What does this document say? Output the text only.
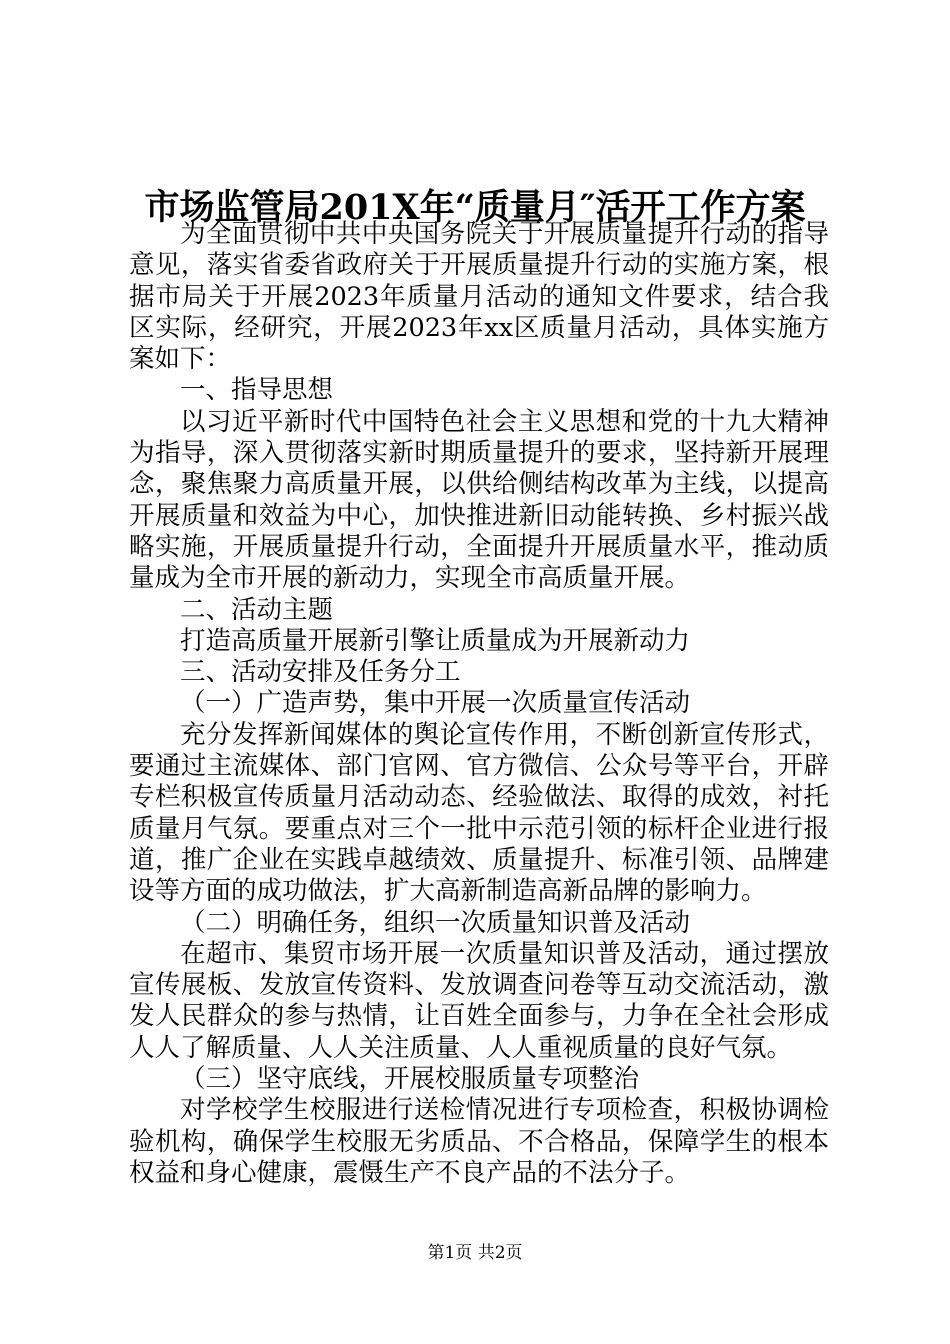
市场监管局201X年“质量月″活开工作方案

为全面贯彻中共中央国务院关于开展质量提升行动的指导意见，落实省委省政府关于开展质量提升行动的实施方案，根据市局关于开展2023年质量月活动的通知文件要求，结合我区实际，经研究，开展2023年xx区质量月活动，具体实施方案如下：

一、指导思想

以习近平新时代中国特色社会主义思想和党的十九大精神为指导，深入贯彻落实新时期质量提升的要求，坚持新开展理念，聚焦聚力高质量开展，以供给侧结构改革为主线，以提高开展质量和效益为中心，加快推进新旧动能转换、乡村振兴战略实施，开展质量提升行动，全面提升开展质量水平，推动质量成为全市开展的新动力，实现全市高质量开展。

二、活动主题

打造高质量开展新引擎让质量成为开展新动力

三、活动安排及任务分工

（一）广造声势，集中开展一次质量宣传活动

充分发挥新闻媒体的舆论宣传作用，不断创新宣传形式，要通过主流媒体、部门官网、官方微信、公众号等平台，开辟专栏积极宣传质量月活动动态、经验做法、取得的成效，衬托质量月气氛。要重点对三个一批中示范引领的标杆企业进行报道，推广企业在实践卓越绩效、质量提升、标准引领、品牌建设等方面的成功做法，扩大高新制造高新品牌的影响力。

（二）明确任务，组织一次质量知识普及活动

在超市、集贸市场开展一次质量知识普及活动，通过摆放宣传展板、发放宣传资料、发放调查问卷等互动交流活动，激发人民群众的参与热情，让百姓全面参与，力争在全社会形成人人了解质量、人人关注质量、人人重视质量的良好气氛。

（三）坚守底线，开展校服质量专项整治

对学校学生校服进行送检情况进行专项检查，积极协调检验机构，确保学生校服无劣质品、不合格品，保障学生的根本权益和身心健康，震慑生产不良产品的不法分子。

第1页 共2页
